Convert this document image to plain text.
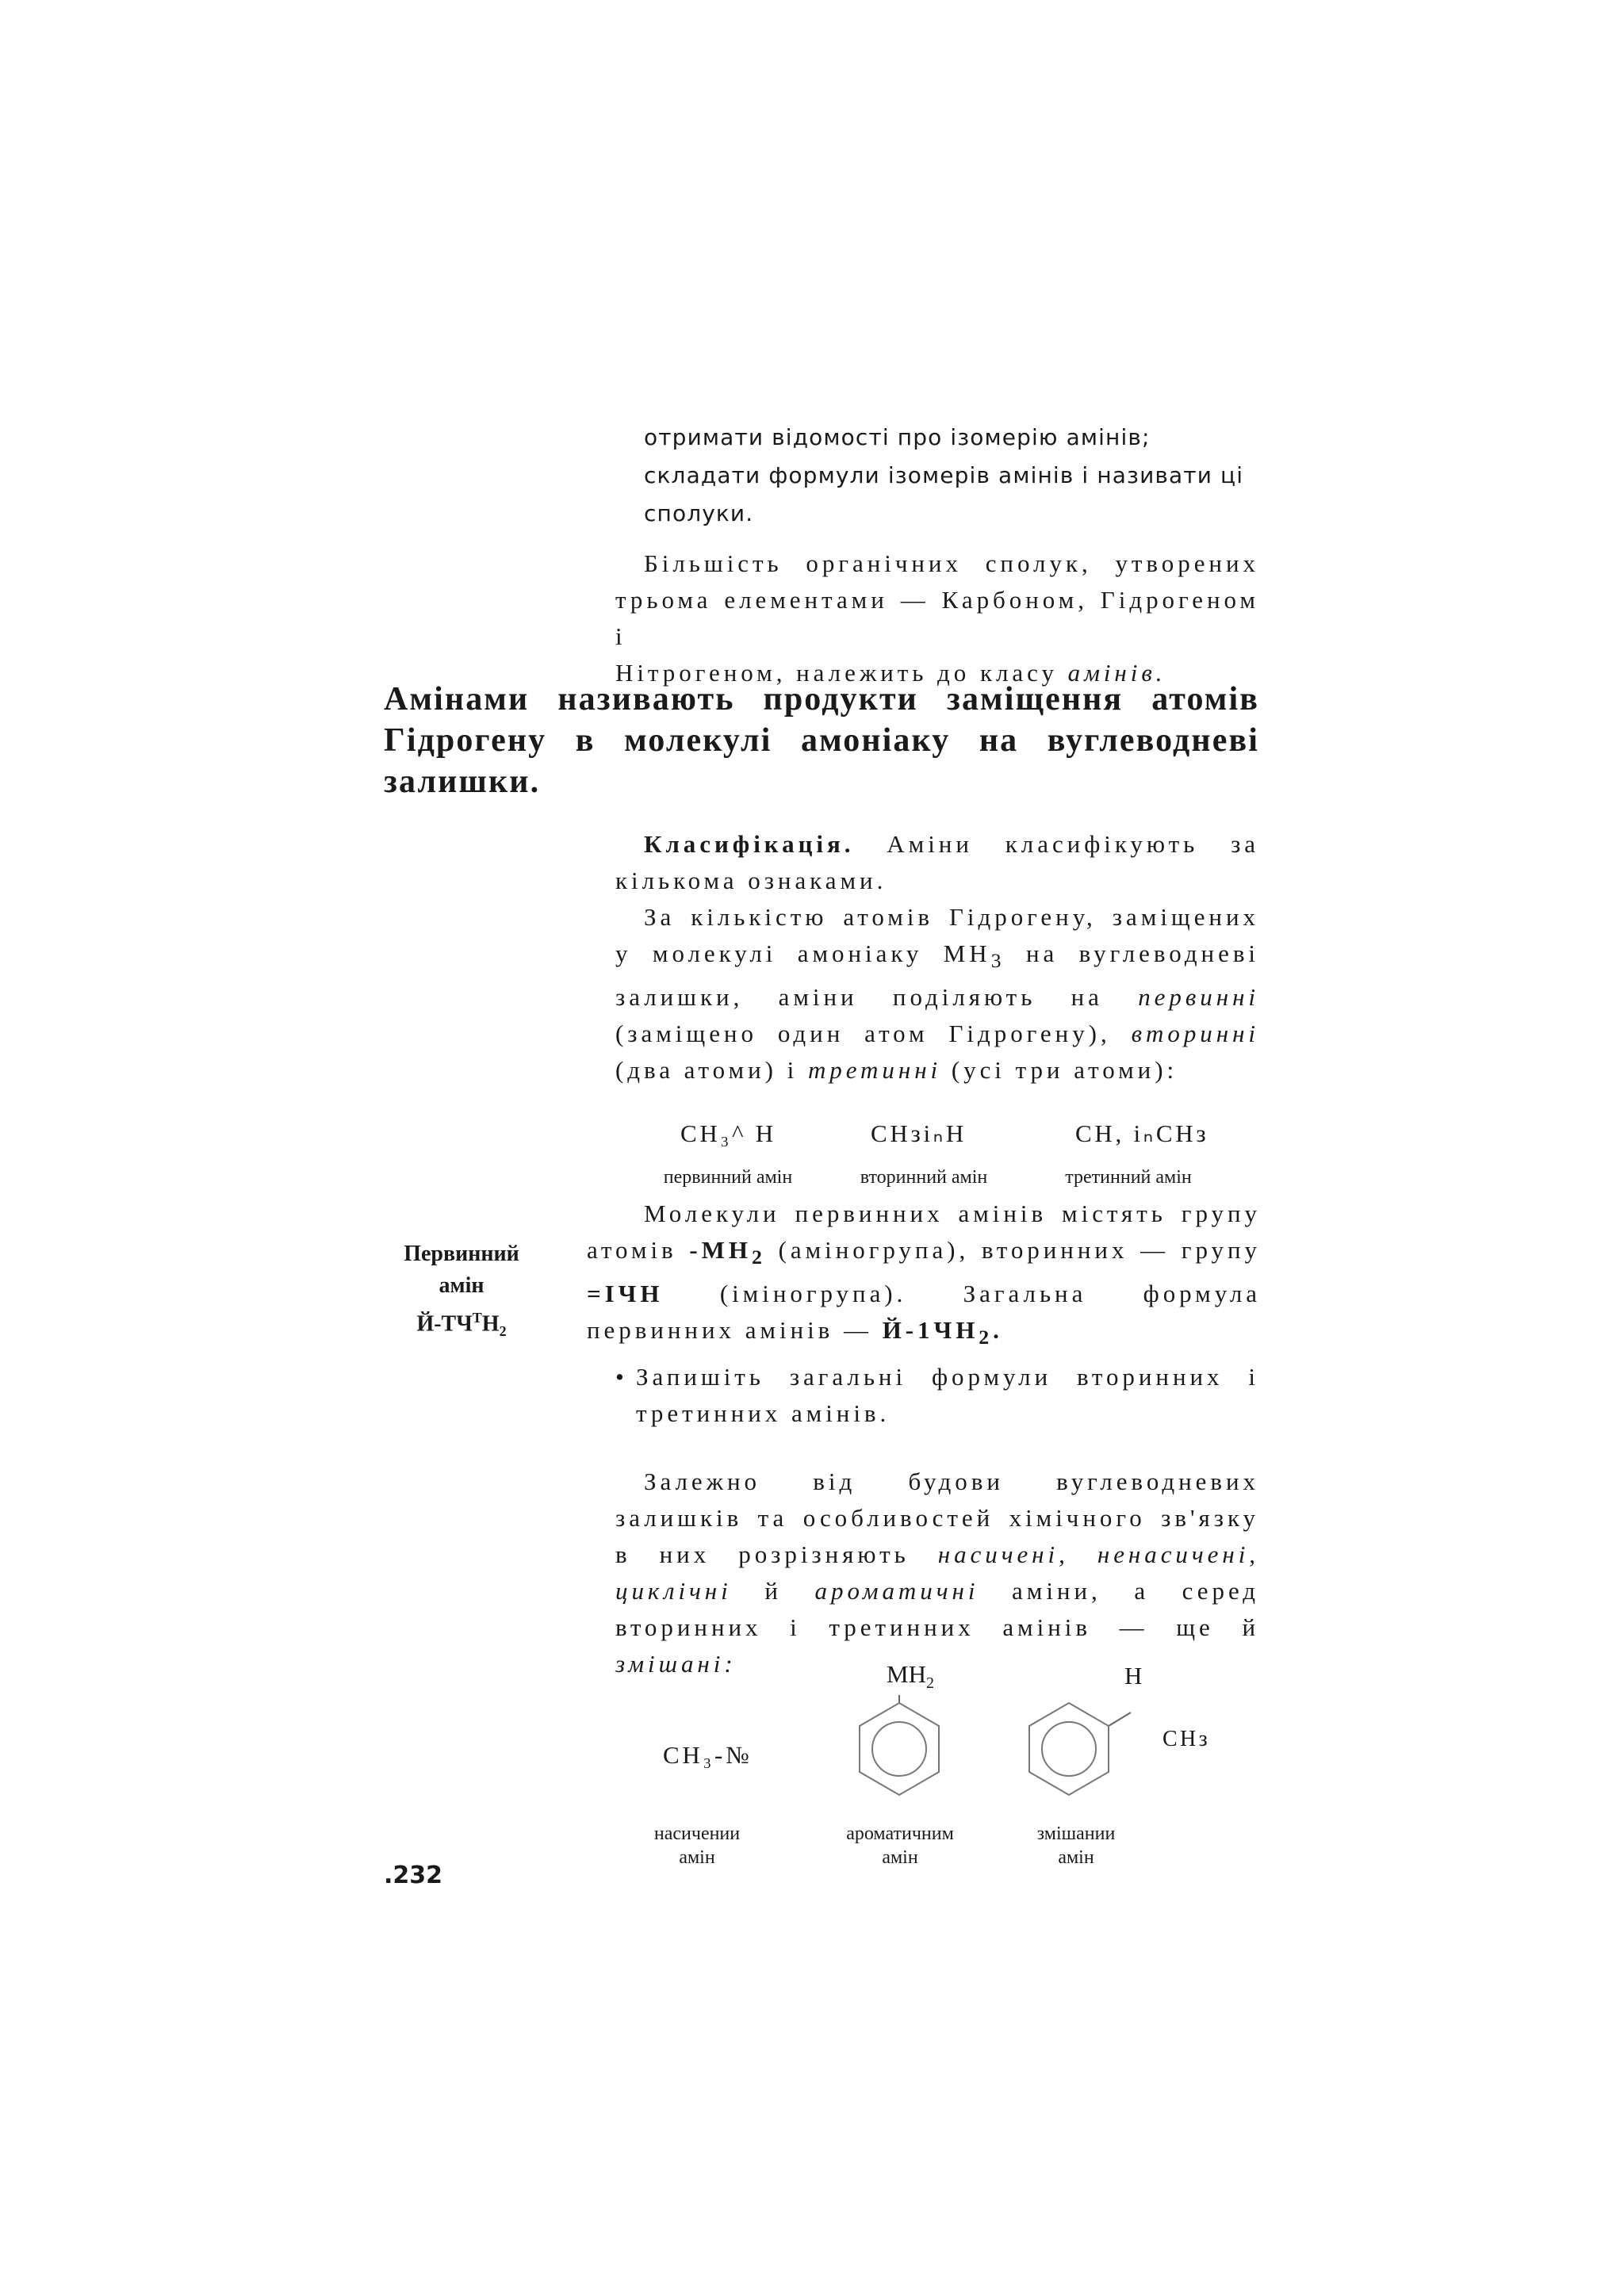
отримати відомості про ізомерію амінів;
складати формули ізомерів амінів і називати ці
сполуки.
Більшість органічних сполук, утворених
трьома елементами — Карбоном, Гідрогеном і
Нітрогеном, належить до класу амінів.
Амінами називають продукти заміщення атомів Гідрогену в молекулі амоніаку на вуглеводневі залишки.

Класифікація. Аміни класифікують за кількома ознаками.

За кількістю атомів Гідрогену, заміщених у молекулі амоніаку $МН_3$ на вуглеводневі залишки, аміни поділяють на первинні (заміщено один атом Гідрогену), вторинні (два атоми) і третинні (усі три атоми):

СН₃^ Н	СНзіₙН	СН, іₙСНз
первинний амін	вторинний амін	третинний амін
Первинний
амін
$Й-ТЧ^ТН_2$

Молекули первинних амінів містять групу атомів $-МН_2$ (аміногрупа), вторинних — групу =ІЧН (іміногрупа). Загальна формула первинних амінів — $Й-1ЧН_2$.

• Запишіть загальні формули вторинних і третинних амінів.

Залежно від будови вуглеводневих залишків та особливостей хімічного зв'язку в них розрізняють насичені, ненасичені, циклічні й ароматичні аміни, а серед вторинних і третинних амінів — ще й змішані:

СН₃-№
$МН_2$	Н
СНз
насичении
амін
ароматичним
амін
змішании
амін
.232
